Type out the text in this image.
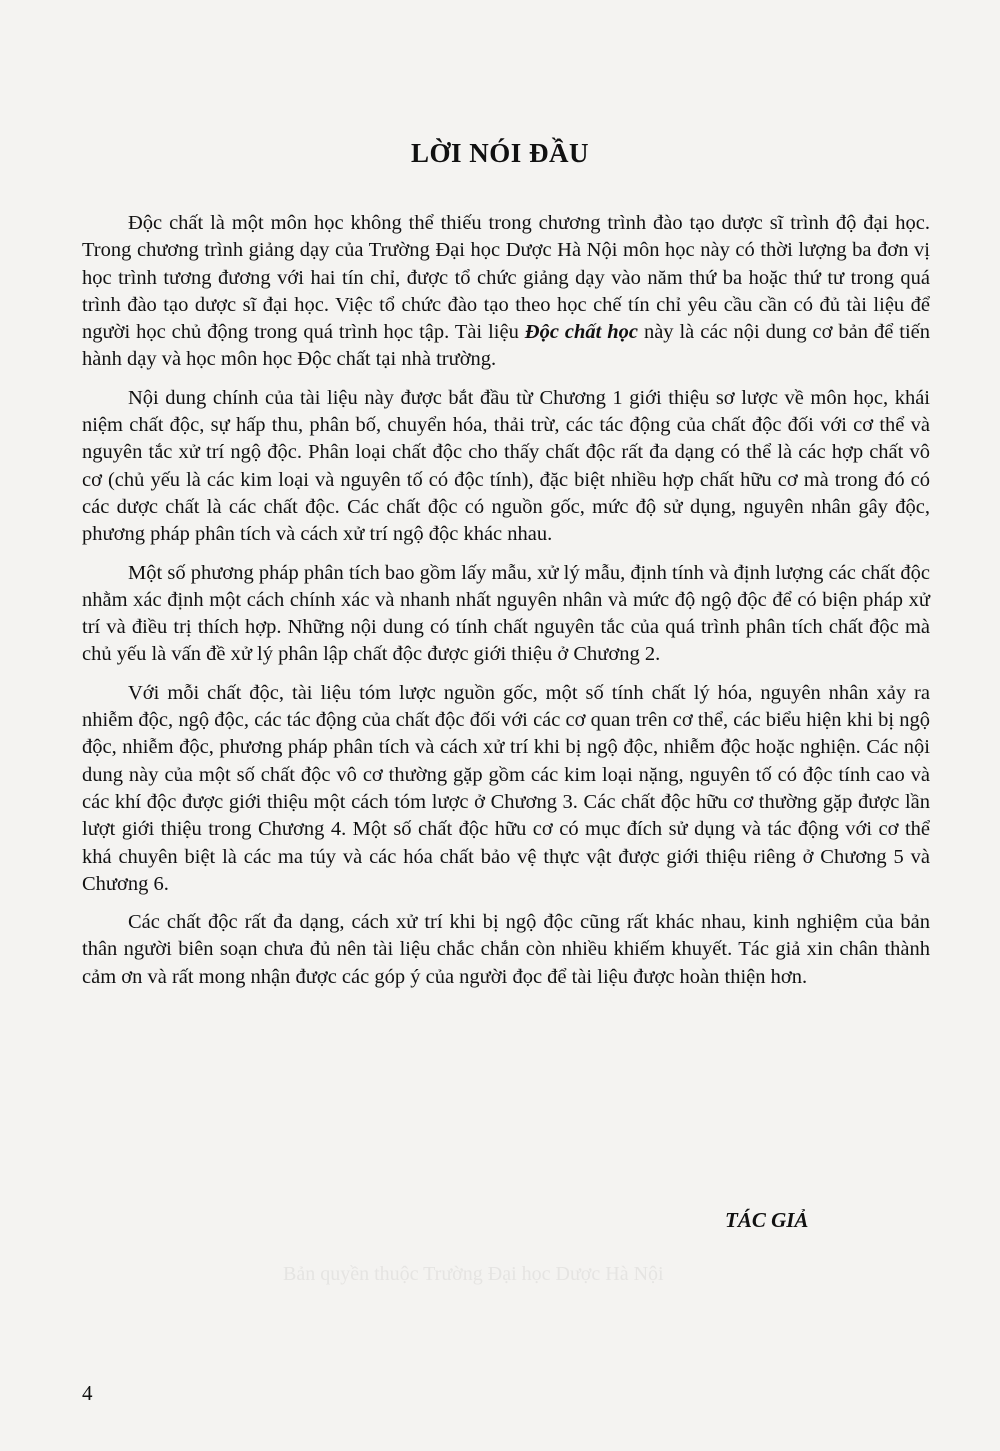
LỜI NÓI ĐẦU

Độc chất là một môn học không thể thiếu trong chương trình đào tạo dược sĩ trình độ đại học. Trong chương trình giảng dạy của Trường Đại học Dược Hà Nội môn học này có thời lượng ba đơn vị học trình tương đương với hai tín chỉ, được tổ chức giảng dạy vào năm thứ ba hoặc thứ tư trong quá trình đào tạo dược sĩ đại học. Việc tổ chức đào tạo theo học chế tín chỉ yêu cầu cần có đủ tài liệu để người học chủ động trong quá trình học tập. Tài liệu Độc chất học này là các nội dung cơ bản để tiến hành dạy và học môn học Độc chất tại nhà trường.

Nội dung chính của tài liệu này được bắt đầu từ Chương 1 giới thiệu sơ lược về môn học, khái niệm chất độc, sự hấp thu, phân bố, chuyển hóa, thải trừ, các tác động của chất độc đối với cơ thể và nguyên tắc xử trí ngộ độc. Phân loại chất độc cho thấy chất độc rất đa dạng có thể là các hợp chất vô cơ (chủ yếu là các kim loại và nguyên tố có độc tính), đặc biệt nhiều hợp chất hữu cơ mà trong đó có các dược chất là các chất độc. Các chất độc có nguồn gốc, mức độ sử dụng, nguyên nhân gây độc, phương pháp phân tích và cách xử trí ngộ độc khác nhau.

Một số phương pháp phân tích bao gồm lấy mẫu, xử lý mẫu, định tính và định lượng các chất độc nhằm xác định một cách chính xác và nhanh nhất nguyên nhân và mức độ ngộ độc để có biện pháp xử trí và điều trị thích hợp. Những nội dung có tính chất nguyên tắc của quá trình phân tích chất độc mà chủ yếu là vấn đề xử lý phân lập chất độc được giới thiệu ở Chương 2.

Với mỗi chất độc, tài liệu tóm lược nguồn gốc, một số tính chất lý hóa, nguyên nhân xảy ra nhiễm độc, ngộ độc, các tác động của chất độc đối với các cơ quan trên cơ thể, các biểu hiện khi bị ngộ độc, nhiễm độc, phương pháp phân tích và cách xử trí khi bị ngộ độc, nhiễm độc hoặc nghiện. Các nội dung này của một số chất độc vô cơ thường gặp gồm các kim loại nặng, nguyên tố có độc tính cao và các khí độc được giới thiệu một cách tóm lược ở Chương 3. Các chất độc hữu cơ thường gặp được lần lượt giới thiệu trong Chương 4. Một số chất độc hữu cơ có mục đích sử dụng và tác động với cơ thể khá chuyên biệt là các ma túy và các hóa chất bảo vệ thực vật được giới thiệu riêng ở Chương 5 và Chương 6.

Các chất độc rất đa dạng, cách xử trí khi bị ngộ độc cũng rất khác nhau, kinh nghiệm của bản thân người biên soạn chưa đủ nên tài liệu chắc chắn còn nhiều khiếm khuyết. Tác giả xin chân thành cảm ơn và rất mong nhận được các góp ý của người đọc để tài liệu được hoàn thiện hơn.

TÁC GIẢ
Bản quyền thuộc Trường Đại học Dược Hà Nội
4
